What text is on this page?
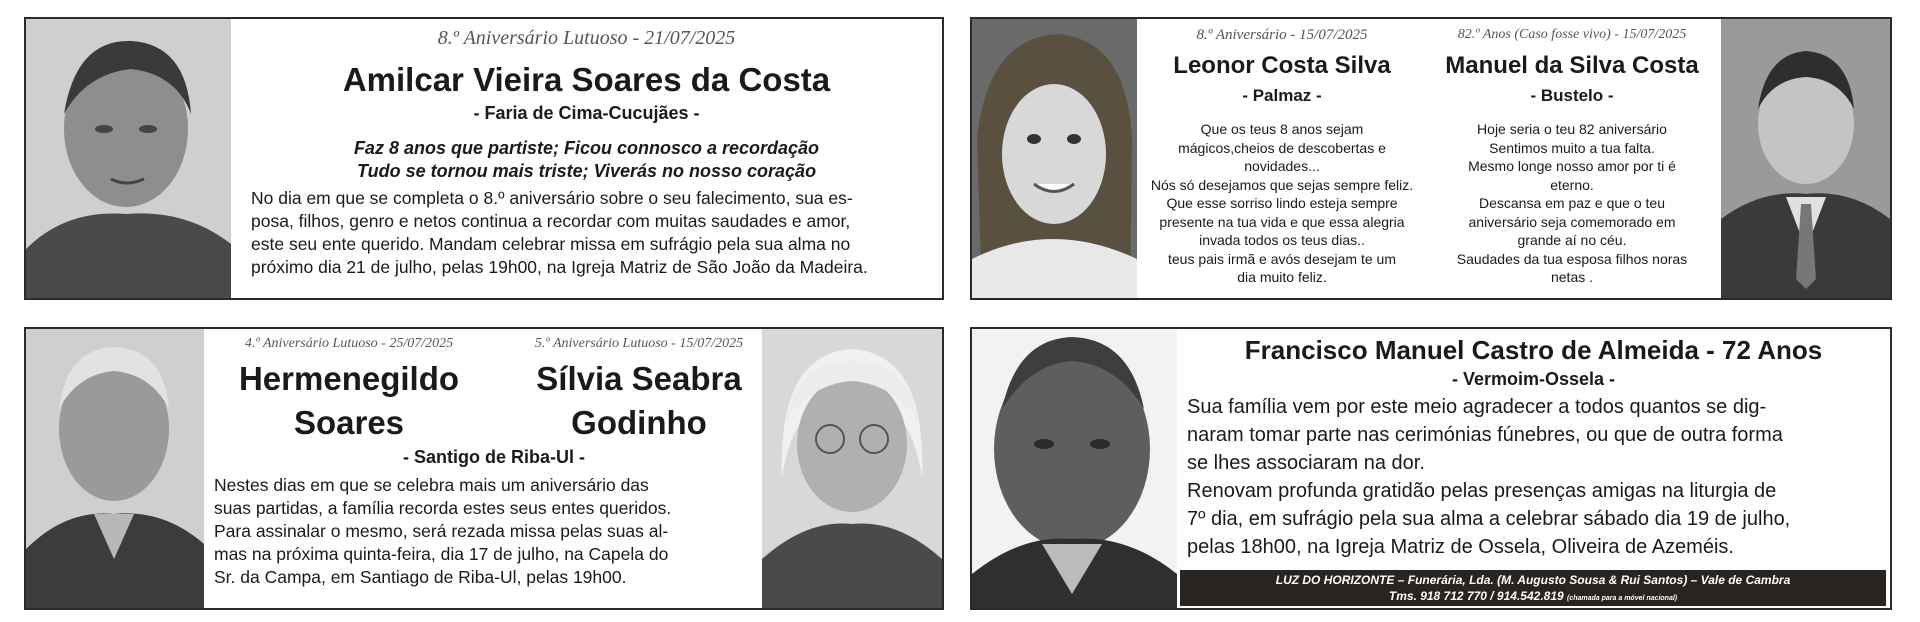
8.º Aniversário Lutuoso - 21/07/2025
Amilcar Vieira Soares da Costa
- Faria de Cima-Cucujães -
Faz 8 anos que partiste; Ficou connosco a recordação
Tudo se tornou mais triste; Viverás no nosso coração
No dia em que se completa o 8.º aniversário sobre o seu falecimento, sua es-
posa, filhos, genro e netos continua a recordar com muitas saudades e amor,
este seu ente querido. Mandam celebrar missa em sufrágio pela sua alma no
próximo dia 21 de julho, pelas 19h00, na Igreja Matriz de São João da Madeira.
8.º Aniversário - 15/07/2025
Leonor Costa Silva
- Palmaz -
Que os teus 8 anos sejam
mágicos,cheios de descobertas e
novidades...
Nós só desejamos que sejas sempre feliz.
Que esse sorriso lindo esteja sempre
presente na tua vida e que essa alegria
invada todos os teus dias..
teus pais irmã e avós desejam te um
dia muito feliz.
82.º Anos (Caso fosse vivo) - 15/07/2025
Manuel da Silva Costa
- Bustelo -
Hoje seria o teu 82 aniversário
Sentimos muito a tua falta.
Mesmo longe nosso amor por ti é
eterno.
Descansa em paz e que o teu
aniversário seja comemorado em
grande aí no céu.
Saudades da tua esposa filhos noras
netas .
4.º Aniversário Lutuoso - 25/07/2025	5.º Aniversário Lutuoso - 15/07/2025
Hermenegildo
Soares
Sílvia Seabra
Godinho
- Santigo de Riba-Ul -
Nestes dias em que se celebra mais um aniversário das
suas partidas, a família recorda estes seus entes queridos.
Para assinalar o mesmo, será rezada missa pelas suas al-
mas na próxima quinta-feira, dia 17 de julho, na Capela do
Sr. da Campa, em Santiago de Riba-Ul, pelas 19h00.
Francisco Manuel Castro de Almeida - 72 Anos
- Vermoim-Ossela -
Sua família vem por este meio agradecer a todos quantos se dig-
naram tomar parte nas cerimónias fúnebres, ou que de outra forma
se lhes associaram na dor.
Renovam profunda gratidão pelas presenças amigas na liturgia de
7º dia, em sufrágio pela sua alma a celebrar sábado dia 19 de julho,
pelas 18h00, na Igreja Matriz de Ossela, Oliveira de Azeméis.
LUZ DO HORIZONTE – Funerária, Lda. (M. Augusto Sousa & Rui Santos) – Vale de Cambra
Tms. 918 712 770 / 914.542.819 (chamada para a móvel nacional)
